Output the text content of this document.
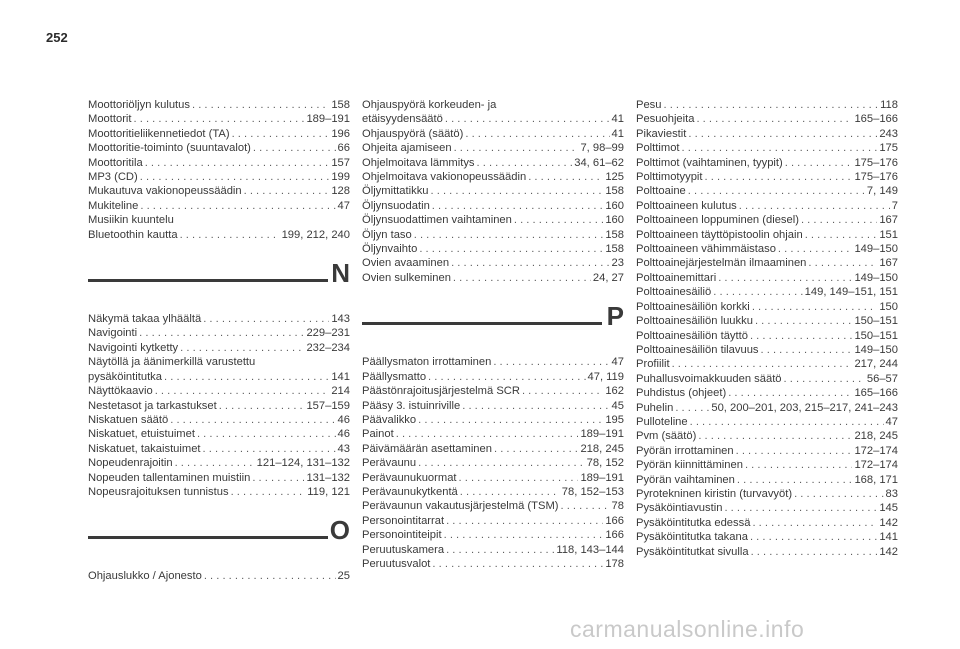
252
Moottoriöljyn kulutus . . .	158
Moottorit . . .	189–191
Moottoritieliikennetiedot (TA) . . .	196
Moottoritie-toiminto (suuntavalot) . . .	66
Moottoritila . . .	157
MP3 (CD) . . .	199
Mukautuva vakionopeussäädin . . .	128
Mukiteline . . .	47
Musiikin kuuntelu
Bluetoothin kautta . . .	199, 212, 240
N
Näkymä takaa ylhäältä . . .	143
Navigointi . . .	229–231
Navigointi kytketty . . .	232–234
Näytöllä ja äänimerkillä varustettu
pysäköintitutka . . .	141
Näyttökaavio . . .	214
Nestetasot ja tarkastukset . . .	157–159
Niskatuen säätö . . .	46
Niskatuet, etuistuimet . . .	46
Niskatuet, takaistuimet . . .	43
Nopeudenrajoitin . . .	121–124, 131–132
Nopeuden tallentaminen muistiin . . .	131–132
Nopeusrajoituksen tunnistus . . .	119, 121
O
Ohjauslukko / Ajonesto . . .	25
Ohjauspyörä korkeuden- ja
etäisyydensäätö . . .	41
Ohjauspyörä (säätö) . . .	41
Ohjeita ajamiseen . . .	7, 98–99
Ohjelmoitava lämmitys . . .	34, 61–62
Ohjelmoitava vakionopeussäädin . . .	125
Öljymittatikku . . .	158
Öljynsuodatin . . .	160
Öljynsuodattimen vaihtaminen . . .	160
Öljyn taso . . .	158
Öljynvaihto . . .	158
Ovien avaaminen . . .	23
Ovien sulkeminen . . .	24, 27
P
Päällysmaton irrottaminen . . .	47
Päällysmatto . . .	47, 119
Päästönrajoitusjärjestelmä SCR . . .	162
Pääsy 3. istuinriville . . .	45
Päävalikko . . .	195
Painot . . .	189–191
Päivämäärän asettaminen . . .	218, 245
Perävaunu . . .	78, 152
Perävaunukuormat . . .	189–191
Perävaunukytkentä . . .	78, 152–153
Perävaunun vakautusjärjestelmä (TSM) . . .	78
Personointitarrat . . .	166
Personointiteipit . . .	166
Peruutuskamera . . .	118, 143–144
Peruutusvalot . . .	178
Pesu . . .	118
Pesuohjeita . . .	165–166
Pikaviestit . . .	243
Polttimot . . .	175
Polttimot (vaihtaminen, tyypit) . . .	175–176
Polttimotyypit . . .	175–176
Polttoaine . . .	7, 149
Polttoaineen kulutus . . .	7
Polttoaineen loppuminen (diesel) . . .	167
Polttoaineen täyttöpistoolin ohjain . . .	151
Polttoaineen vähimmäistaso . . .	149–150
Polttoainejärjestelmän ilmaaminen . . .	167
Polttoainemittari . . .	149–150
Polttoainesäiliö . . .	149, 149–151, 151
Polttoainesäiliön korkki . . .	150
Polttoainesäiliön luukku . . .	150–151
Polttoainesäiliön täyttö . . .	150–151
Polttoainesäiliön tilavuus . . .	149–150
Profiilit . . .	217, 244
Puhallusvoimakkuuden säätö . . .	56–57
Puhdistus (ohjeet) . . .	165–166
Puhelin . . .	50, 200–201, 203, 215–217, 241–243
Pulloteline . . .	47
Pvm (säätö) . . .	218, 245
Pyörän irrottaminen . . .	172–174
Pyörän kiinnittäminen . . .	172–174
Pyörän vaihtaminen . . .	168, 171
Pyrotekninen kiristin (turvavyöt) . . .	83
Pysäköintiavustin . . .	145
Pysäköintitutka edessä . . .	142
Pysäköintitutka takana . . .	141
Pysäköintitutkat sivulla . . .	142
carmanualsonline.info
